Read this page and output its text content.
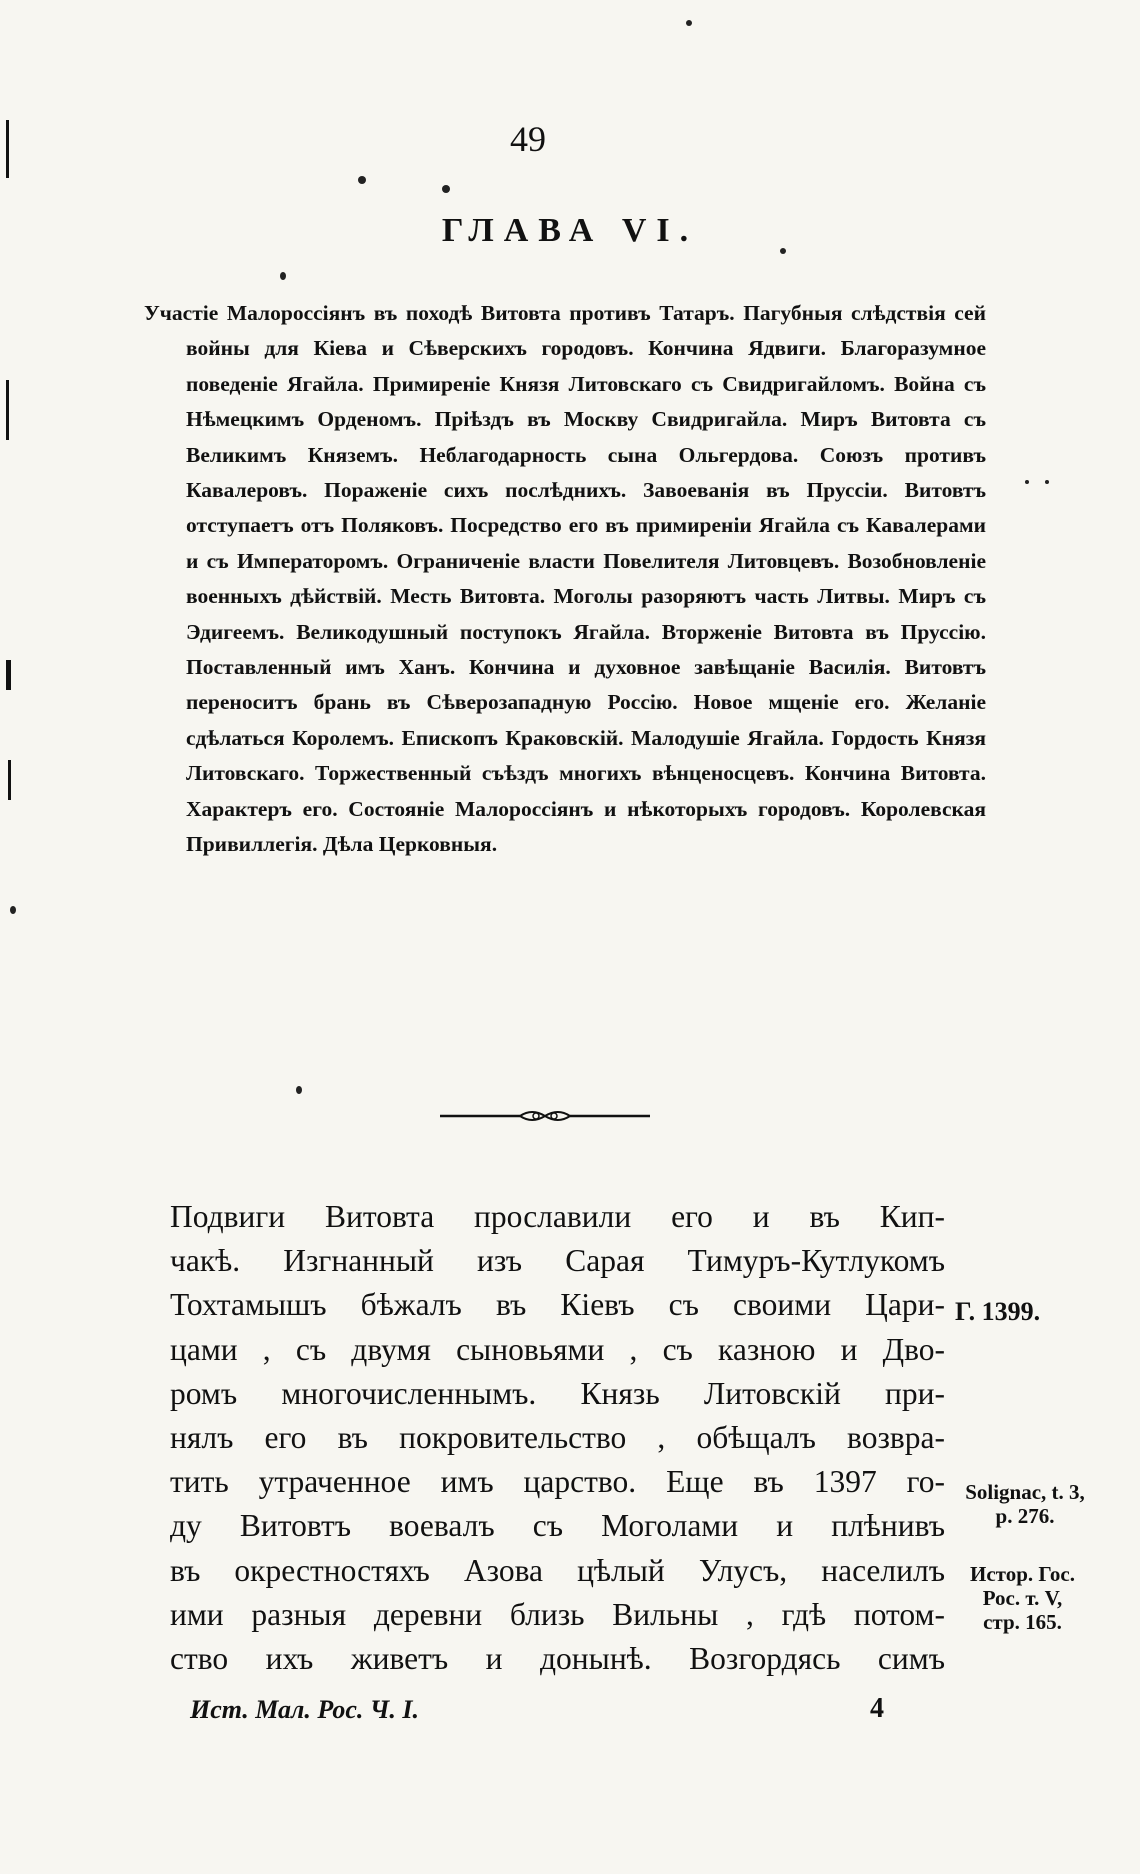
49
ГЛАВА VI.
Участіе Малороссіянъ въ походѣ Витовта противъ Татаръ. Пагубныя слѣдствія сей войны для Кіева и Сѣверскихъ городовъ. Кончина Ядвиги. Благоразумное поведеніе Ягайла. Примиреніе Князя Литовскаго съ Свидригайломъ. Война съ Нѣмецкимъ Орденомъ. Пріѣздъ въ Москву Свидригайла. Миръ Витовта съ Великимъ Княземъ. Неблагодарность сына Ольгердова. Союзъ противъ Кавалеровъ. Пораженіе сихъ послѣднихъ. Завоеванія въ Пруссіи. Витовтъ отступаетъ отъ Поляковъ. Посредство его въ примиреніи Ягайла съ Кавалерами и съ Императоромъ. Ограниченіе власти Повелителя Литовцевъ. Возобновленіе военныхъ дѣйствій. Месть Витовта. Моголы разоряютъ часть Литвы. Миръ съ Эдигеемъ. Великодушный поступокъ Ягайла. Вторженіе Витовта въ Пруссію. Поставленный имъ Ханъ. Кончина и духовное завѣщаніе Василія. Витовтъ переноситъ брань въ Сѣверозападную Россію. Новое мщеніе его. Желаніе сдѣлаться Королемъ. Епископъ Краковскій. Малодушіе Ягайла. Гордость Князя Литовскаго. Торжественный съѣздъ многихъ вѣнценосцевъ. Кончина Витовта. Характеръ его. Состояніе Малороссіянъ и нѣкоторыхъ городовъ. Королевская Привиллегія. Дѣла Церковныя.
Подвиги Витовта прославили его и въ Кип-
чакѣ. Изгнанный изъ Сарая Тимуръ-Кутлукомъ
Тохтамышъ бѣжалъ въ Кіевъ съ своими Цари-
цами , съ двумя сыновьями , съ казною и Дво-
ромъ многочисленнымъ. Князь Литовскій при-
нялъ его въ покровительство , обѣщалъ возвра-
тить утраченное имъ царство. Еще въ 1397 го-
ду Витовтъ воевалъ съ Моголами и плѣнивъ
въ окрестностяхъ Азова цѣлый Улусъ, населилъ
ими разныя деревни близь Вильны , гдѣ потом-
ство ихъ живетъ и донынѣ. Возгордясь симъ
Г. 1399.
Solignac, t. 3,
p. 276.
Истор. Гос.
Рос. т. V,
стр. 165.
Ист. Мал. Рос. Ч. I.	4
